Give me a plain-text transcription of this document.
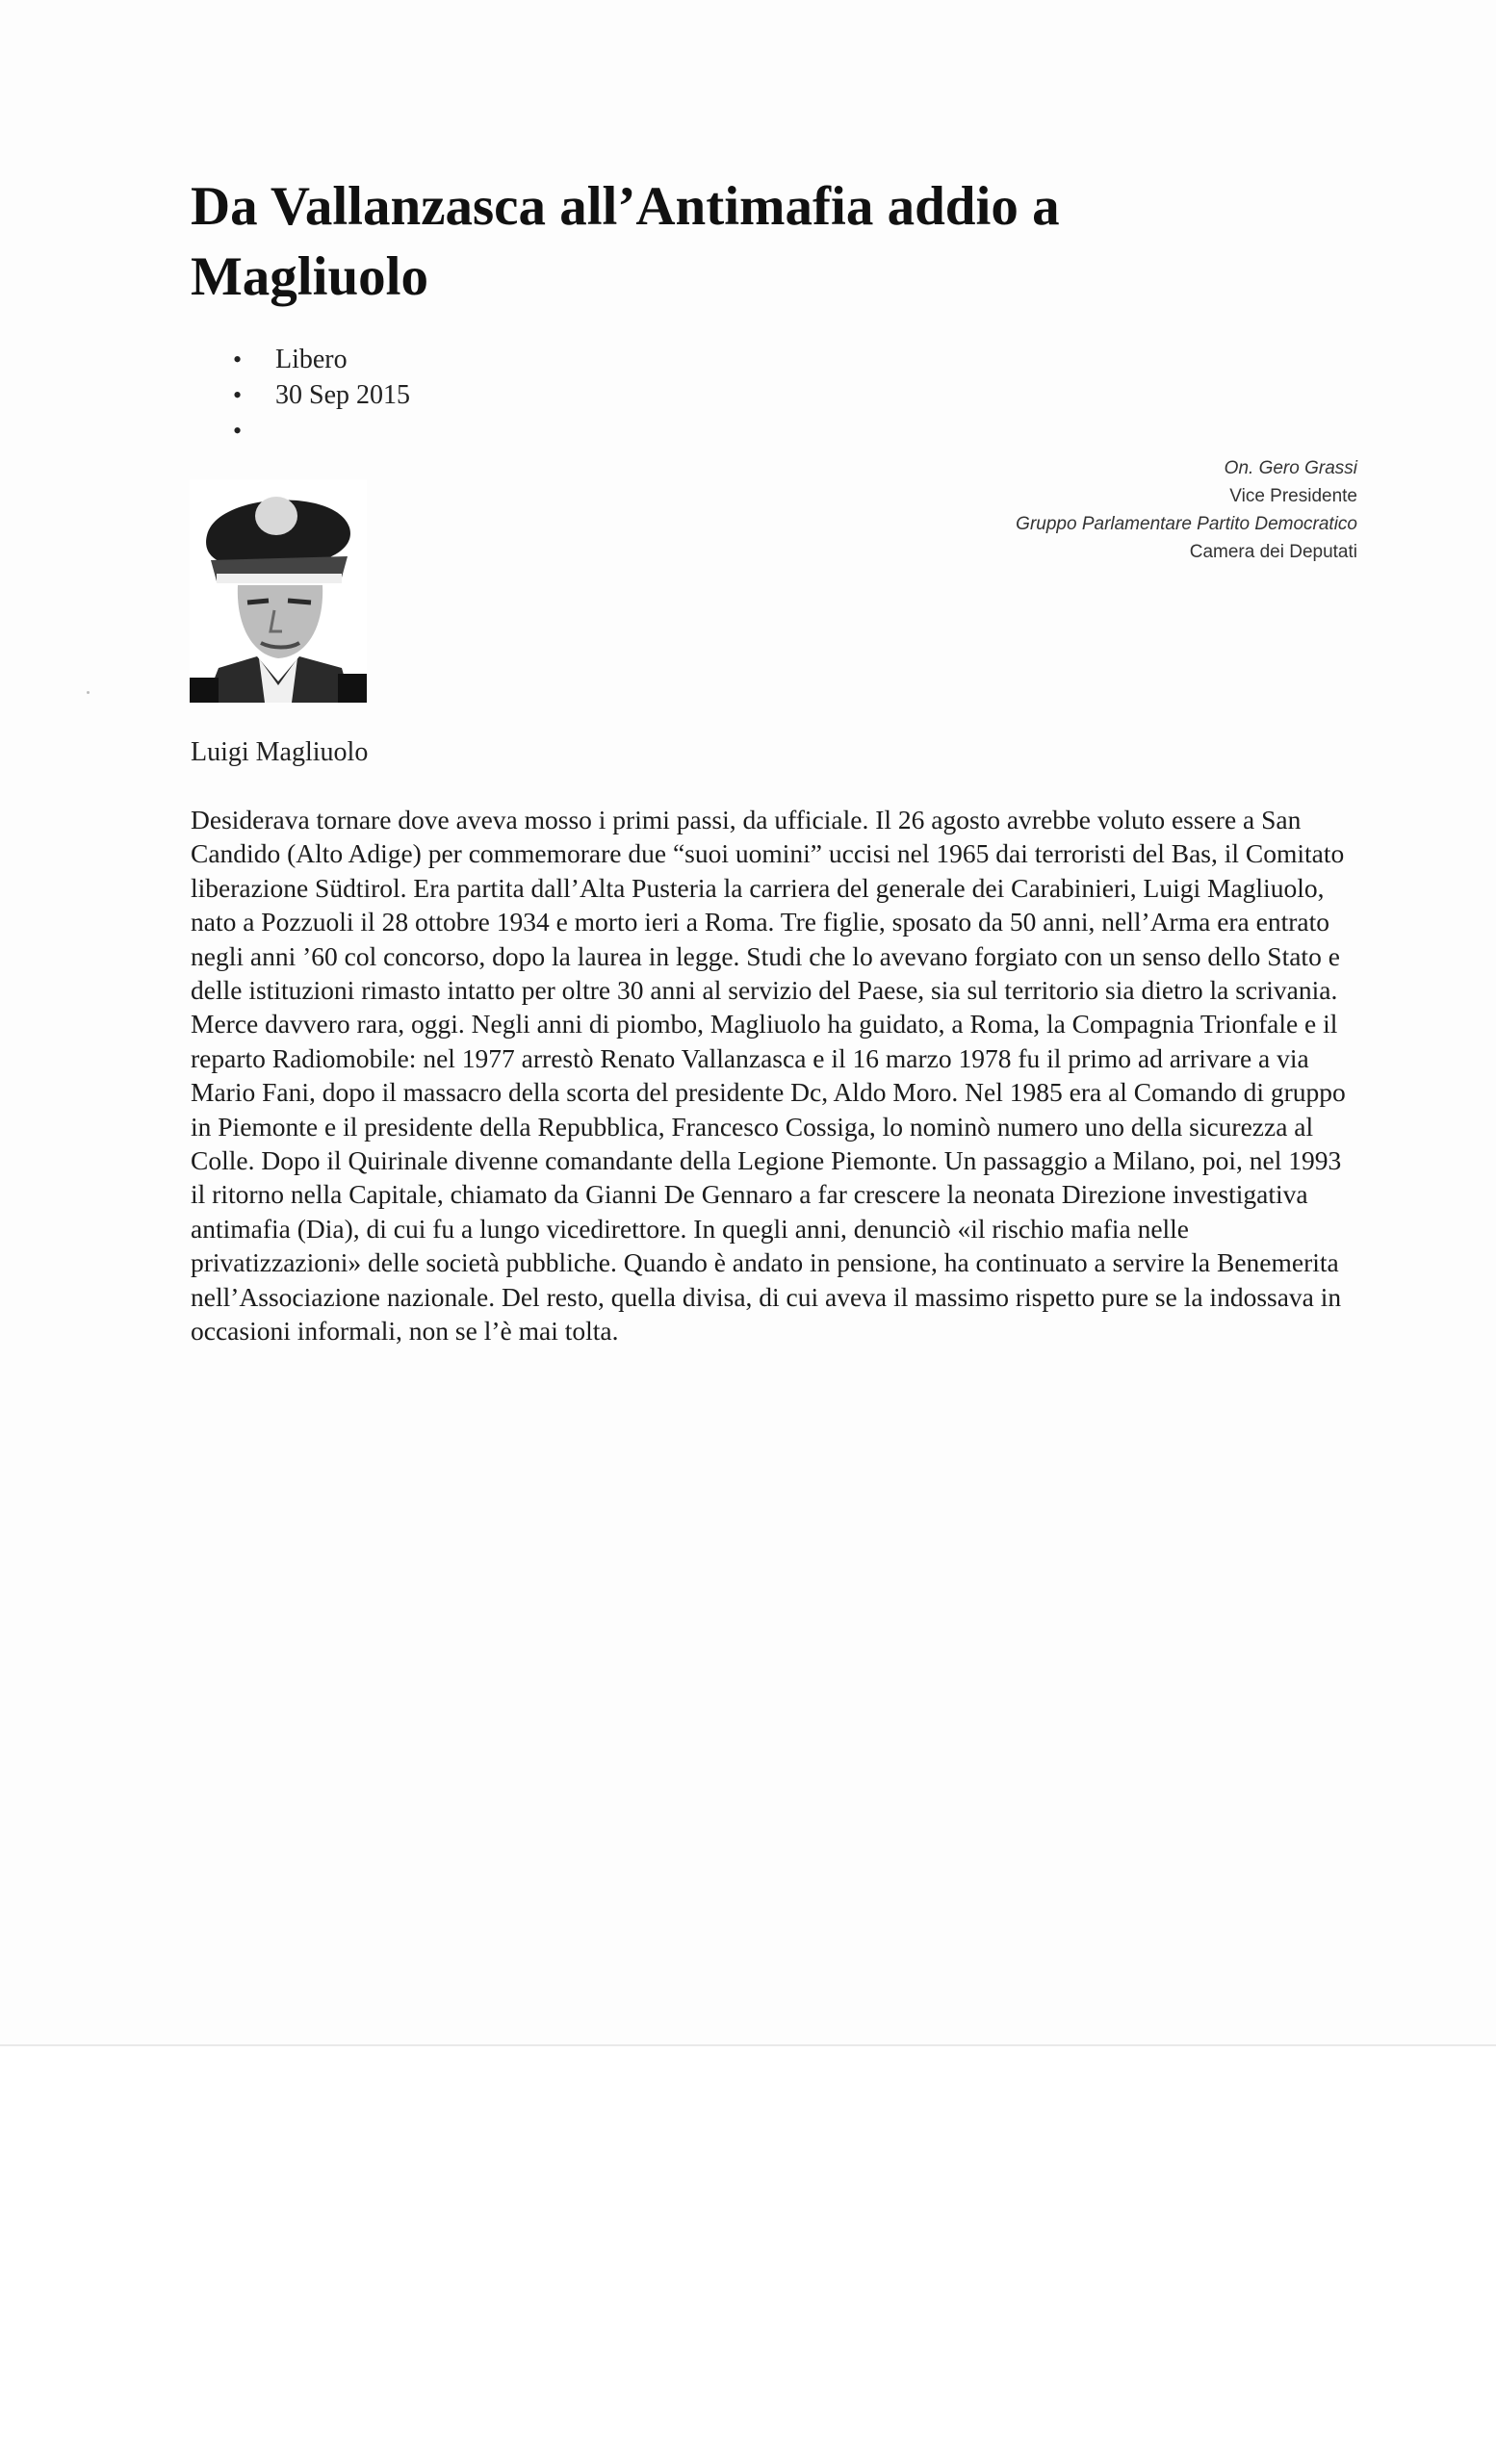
Da Vallanzasca all’Antimafia addio a Magliuolo
• Libero
• 30 Sep 2015
•
On. Gero Grassi
Vice Presidente
Gruppo Parlamentare Partito Democratico
Camera dei Deputati
Luigi Magliuolo

Desiderava tornare dove aveva mosso i primi passi, da ufficiale. Il 26 agosto avrebbe voluto essere a San Candido (Alto Adige) per commemorare due “suoi uomini” uccisi nel 1965 dai terroristi del Bas, il Comitato liberazione Südtirol. Era partita dall’Alta Pusteria la carriera del generale dei Carabinieri, Luigi Magliuolo, nato a Pozzuoli il 28 ottobre 1934 e morto ieri a Roma. Tre figlie, sposato da 50 anni, nell’Arma era entrato negli anni ’60 col concorso, dopo la laurea in legge. Studi che lo avevano forgiato con un senso dello Stato e delle istituzioni rimasto intatto per oltre 30 anni al servizio del Paese, sia sul territorio sia dietro la scrivania. Merce davvero rara, oggi. Negli anni di piombo, Magliuolo ha guidato, a Roma, la Compagnia Trionfale e il reparto Radiomobile: nel 1977 arrestò Renato Vallanzasca e il 16 marzo 1978 fu il primo ad arrivare a via Mario Fani, dopo il massacro della scorta del presidente Dc, Aldo Moro. Nel 1985 era al Comando di gruppo in Piemonte e il presidente della Repubblica, Francesco Cossiga, lo nominò numero uno della sicurezza al Colle. Dopo il Quirinale divenne comandante della Legione Piemonte. Un passaggio a Milano, poi, nel 1993 il ritorno nella Capitale, chiamato da Gianni De Gennaro a far crescere la neonata Direzione investigativa antimafia (Dia), di cui fu a lungo vicedirettore. In quegli anni, denunciò «il rischio mafia nelle privatizzazioni» delle società pubbliche. Quando è andato in pensione, ha continuato a servire la Benemerita nell’Associazione nazionale. Del resto, quella divisa, di cui aveva il massimo rispetto pure se la indossava in occasioni informali, non se l’è mai tolta.
